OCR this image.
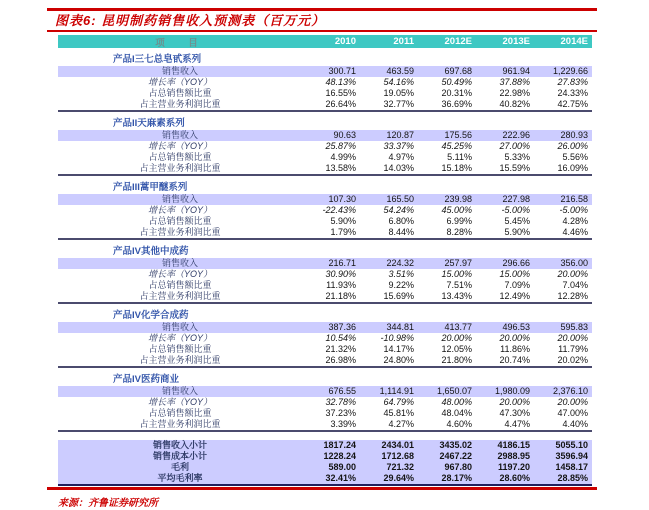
图表6: 昆明制药销售收入预测表（百万元）
项　目	2010	2011	2012E	2013E	2014E
产品I三七总皂甙系列
销售收入	300.71	463.59	697.68	961.94	1,229.66
增长率（YOY）	48.13%	54.16%	50.49%	37.88%	27.83%
占总销售额比重	16.55%	19.05%	20.31%	22.98%	24.33%
占主营业务利润比重	26.64%	32.77%	36.69%	40.82%	42.75%
产品II天麻素系列
销售收入	90.63	120.87	175.56	222.96	280.93
增长率（YOY）	25.87%	33.37%	45.25%	27.00%	26.00%
占总销售额比重	4.99%	4.97%	5.11%	5.33%	5.56%
占主营业务利润比重	13.58%	14.03%	15.18%	15.59%	16.09%
产品III蒿甲醚系列
销售收入	107.30	165.50	239.98	227.98	216.58
增长率（YOY）	-22.43%	54.24%	45.00%	-5.00%	-5.00%
占总销售额比重	5.90%	6.80%	6.99%	5.45%	4.28%
占主营业务利润比重	1.79%	8.44%	8.28%	5.90%	4.46%
产品IV其他中成药
销售收入	216.71	224.32	257.97	296.66	356.00
增长率（YOY）	30.90%	3.51%	15.00%	15.00%	20.00%
占总销售额比重	11.93%	9.22%	7.51%	7.09%	7.04%
占主营业务利润比重	21.18%	15.69%	13.43%	12.49%	12.28%
产品IV化学合成药
销售收入	387.36	344.81	413.77	496.53	595.83
增长率（YOY）	10.54%	-10.98%	20.00%	20.00%	20.00%
占总销售额比重	21.32%	14.17%	12.05%	11.86%	11.79%
占主营业务利润比重	26.98%	24.80%	21.80%	20.74%	20.02%
产品IV医药商业
销售收入	676.55	1,114.91	1,650.07	1,980.09	2,376.10
增长率（YOY）	32.78%	64.79%	48.00%	20.00%	20.00%
占总销售额比重	37.23%	45.81%	48.04%	47.30%	47.00%
占主营业务利润比重	3.39%	4.27%	4.60%	4.47%	4.40%
销售收入小计	1817.24	2434.01	3435.02	4186.15	5055.10
销售成本小计	1228.24	1712.68	2467.22	2988.95	3596.94
毛利	589.00	721.32	967.80	1197.20	1458.17
平均毛利率	32.41%	29.64%	28.17%	28.60%	28.85%
来源：齐鲁证券研究所
